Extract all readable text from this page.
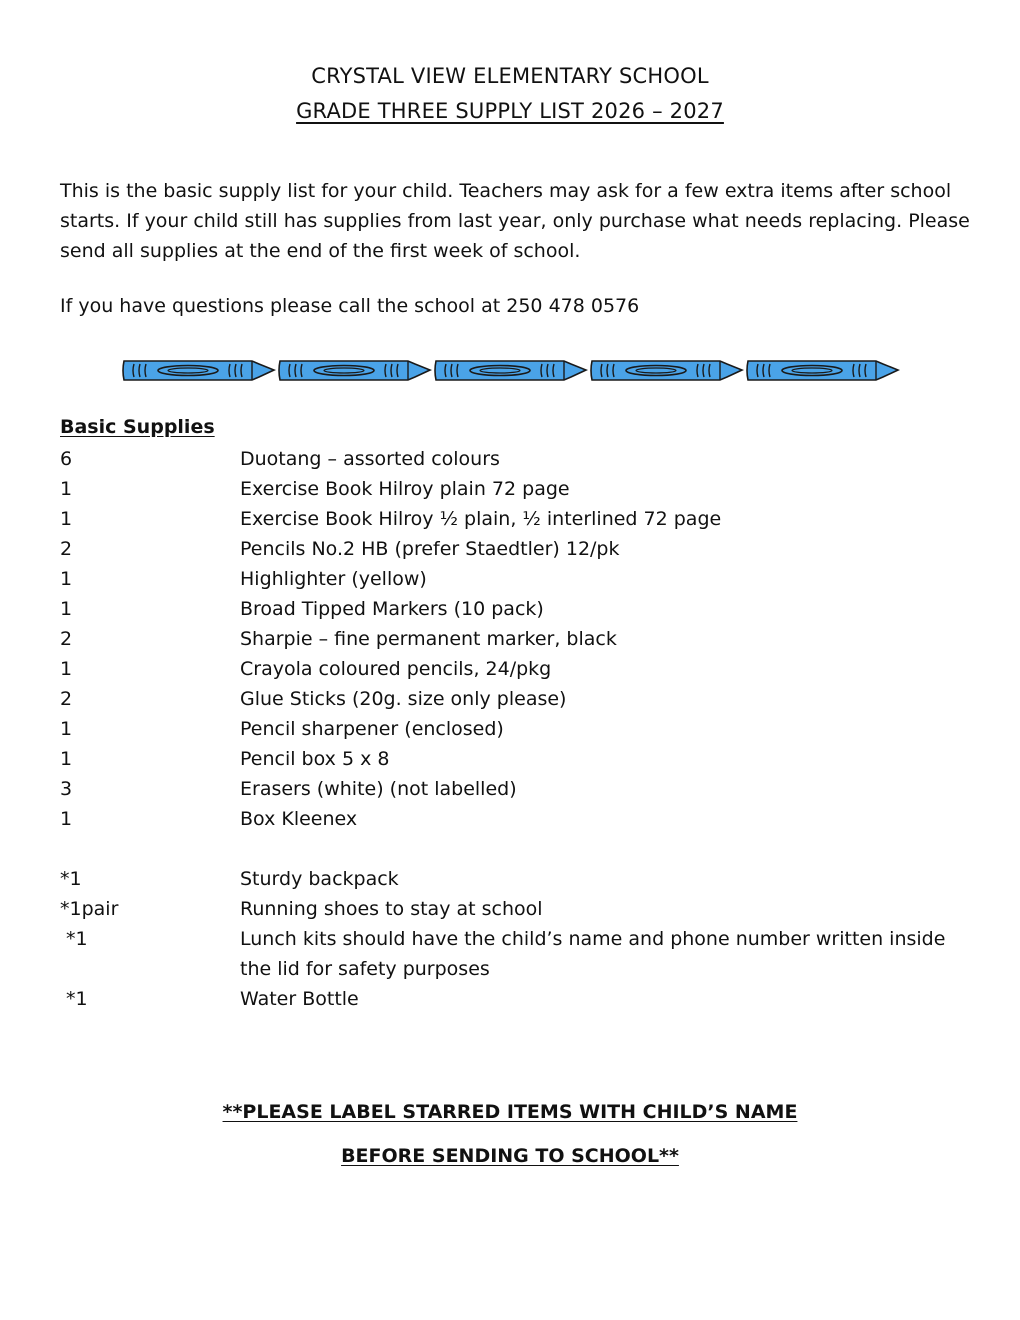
CRYSTAL VIEW ELEMENTARY SCHOOL
GRADE THREE SUPPLY LIST 2026 – 2027

This is the basic supply list for your child. Teachers may ask for a few extra items after school starts. If your child still has supplies from last year, only purchase what needs replacing. Please send all supplies at the end of the first week of school.

If you have questions please call the school at 250 478 0576

Basic Supplies
6	Duotang – assorted colours
1	Exercise Book Hilroy plain 72 page
1	Exercise Book Hilroy ½ plain, ½ interlined 72 page
2	Pencils No.2 HB (prefer Staedtler) 12/pk
1	Highlighter (yellow)
1	Broad Tipped Markers (10 pack)
2	Sharpie – fine permanent marker, black
1	Crayola coloured pencils, 24/pkg
2	Glue Sticks (20g. size only please)
1	Pencil sharpener (enclosed)
1	Pencil box 5 x 8
3	Erasers (white) (not labelled)
1	Box Kleenex
*1	Sturdy backpack
*1pair	Running shoes to stay at school
*1	Lunch kits should have the child’s name and phone number written inside the lid for safety purposes
*1	Water Bottle
**PLEASE LABEL STARRED ITEMS WITH CHILD’S NAME
BEFORE SENDING TO SCHOOL**
